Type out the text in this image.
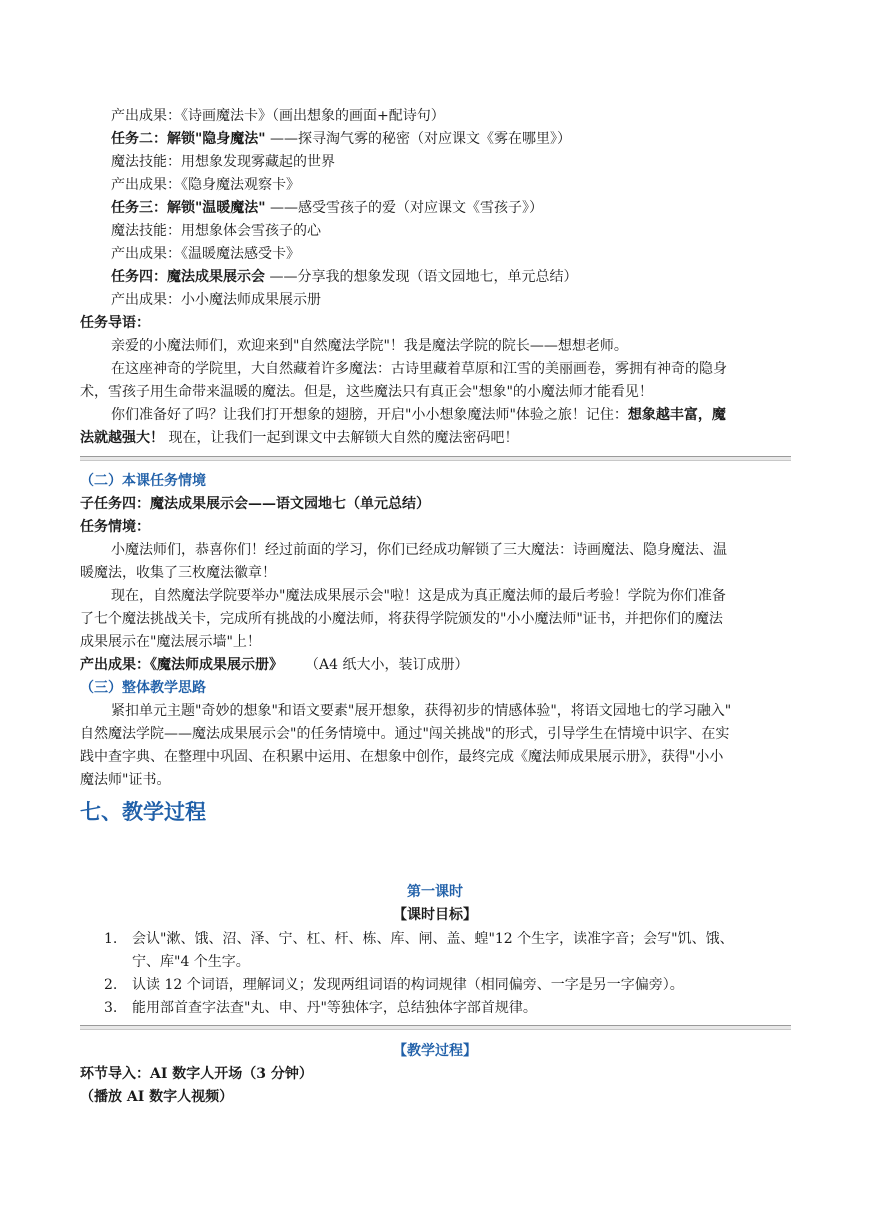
产出成果：《诗画魔法卡》（画出想象的画面+配诗句）
任务二：解锁"隐身魔法" ——探寻淘气雾的秘密（对应课文《雾在哪里》）
魔法技能：用想象发现雾藏起的世界
产出成果：《隐身魔法观察卡》
任务三：解锁"温暖魔法" ——感受雪孩子的爱（对应课文《雪孩子》）
魔法技能：用想象体会雪孩子的心
产出成果：《温暖魔法感受卡》
任务四：魔法成果展示会 ——分享我的想象发现（语文园地七，单元总结）
产出成果：小小魔法师成果展示册
任务导语：
亲爱的小魔法师们，欢迎来到"自然魔法学院"！我是魔法学院的院长——想想老师。
在这座神奇的学院里，大自然藏着许多魔法：古诗里藏着草原和江雪的美丽画卷，雾拥有神奇的隐身
术，雪孩子用生命带来温暖的魔法。但是，这些魔法只有真正会"想象"的小魔法师才能看见！
你们准备好了吗？让我们打开想象的翅膀，开启"小小想象魔法师"体验之旅！记住：想象越丰富，魔
法就越强大！ 现在，让我们一起到课文中去解锁大自然的魔法密码吧！
（二）本课任务情境
子任务四：魔法成果展示会——语文园地七（单元总结）
任务情境：
小魔法师们，恭喜你们！经过前面的学习，你们已经成功解锁了三大魔法：诗画魔法、隐身魔法、温
暖魔法，收集了三枚魔法徽章！
现在，自然魔法学院要举办"魔法成果展示会"啦！这是成为真正魔法师的最后考验！学院为你们准备
了七个魔法挑战关卡，完成所有挑战的小魔法师，将获得学院颁发的"小小魔法师"证书，并把你们的魔法
成果展示在"魔法展示墙"上！
产出成果：《魔法师成果展示册》 （A4 纸大小，装订成册）
（三）整体教学思路
紧扣单元主题"奇妙的想象"和语文要素"展开想象，获得初步的情感体验"，将语文园地七的学习融入"
自然魔法学院——魔法成果展示会"的任务情境中。通过"闯关挑战"的形式，引导学生在情境中识字、在实
践中查字典、在整理中巩固、在积累中运用、在想象中创作，最终完成《魔法师成果展示册》，获得"小小
魔法师"证书。
七、教学过程
第一课时
【课时目标】
1. 会认"漱、饿、沼、泽、宁、杠、杆、栋、库、闸、盖、蝗"12 个生字，读准字音；会写"饥、饿、
宁、库"4 个生字。
2. 认读 12 个词语，理解词义；发现两组词语的构词规律（相同偏旁、一字是另一字偏旁）。
3. 能用部首查字法查"丸、申、丹"等独体字，总结独体字部首规律。
【教学过程】
环节导入：AI 数字人开场（3 分钟）
（播放 AI 数字人视频）
